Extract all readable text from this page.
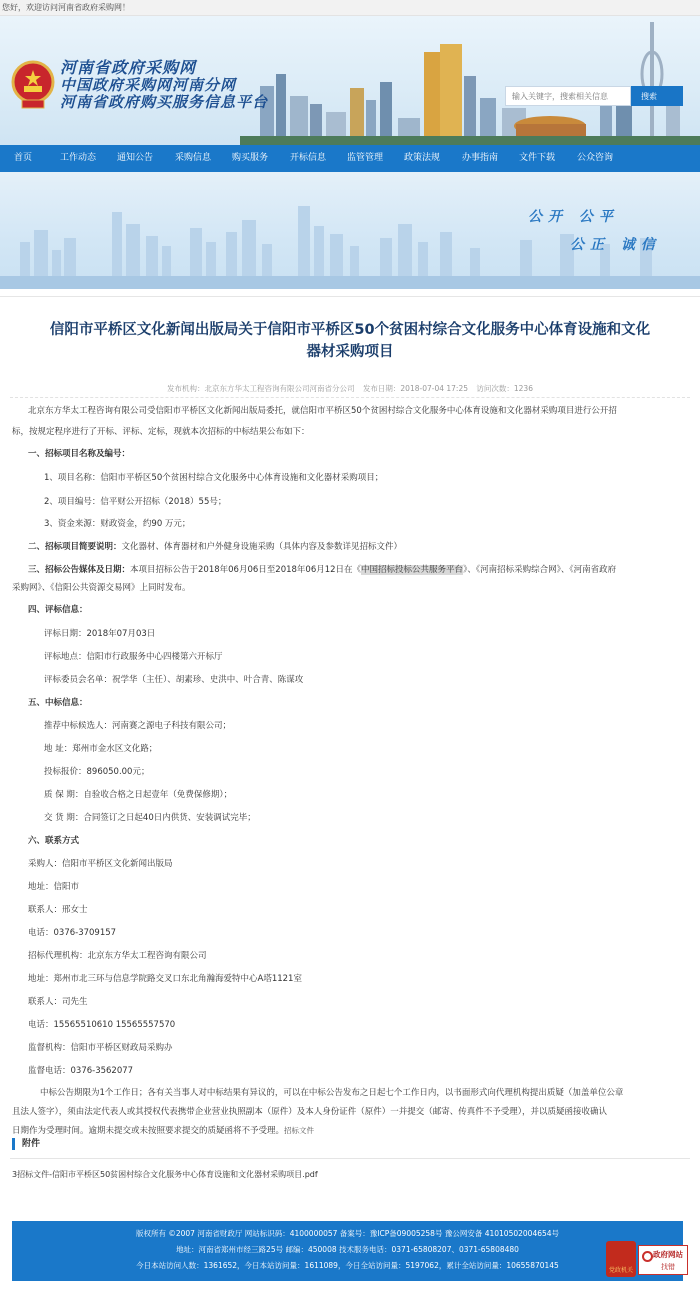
您好，欢迎访问河南省政府采购网！
河南省政府采购网
中国政府采购网河南分网
河南省政府购买服务信息平台
输入关键字，搜索相关信息	搜索
首页	工作动态 通知公告 采购信息 购买服务 开标信息 监管管理 政策法规 办事指南 文件下载 公众咨询
公开 公平
公正 诚信
信阳市平桥区文化新闻出版局关于信阳市平桥区50个贫困村综合文化服务中心体育设施和文化
器材采购项目
发布机构：北京东方华太工程咨询有限公司河南省分公司 发布日期：2018-07-04 17:25 访问次数：1236
北京东方华太工程咨询有限公司受信阳市平桥区文化新闻出版局委托，就信阳市平桥区50个贫困村综合文化服务中心体育设施和文化器材采购项目进行公开招
标，按规定程序进行了开标、评标、定标，现就本次招标的中标结果公布如下：
一、招标项目名称及编号：
1、项目名称：信阳市平桥区50个贫困村综合文化服务中心体育设施和文化器材采购项目；
2、项目编号：信平财公开招标（2018）55号；
3、资金来源：财政资金，约90 万元；
二、招标项目简要说明：文化器材、体育器材和户外健身设施采购（具体内容及参数详见招标文件）
三、招标公告媒体及日期：本项目招标公告于2018年06月06日至2018年06月12日在《中国招标投标公共服务平台》、《河南招标采购综合网》、《河南省政府
采购网》、《信阳公共资源交易网》上同时发布。
四、评标信息：
评标日期：2018年07月03日
评标地点：信阳市行政服务中心四楼第六开标厅
评标委员会名单：祝学华（主任）、胡素珍、史洪中、叶合青、陈谋攻
五、中标信息：
推荐中标候选人：河南赛之源电子科技有限公司；
地 址：郑州市金水区文化路；
投标报价：896050.00元；
质 保 期：自验收合格之日起壹年（免费保修期）；
交 货 期：合同签订之日起40日内供货、安装调试完毕；
六、联系方式
采购人：信阳市平桥区文化新闻出版局
地址：信阳市
联系人：邢女士
电话：0376-3709157
招标代理机构：北京东方华太工程咨询有限公司
地址：郑州市北三环与信息学院路交叉口东北角瀚海爱特中心A塔1121室
联系人：司先生
电话：15565510610 15565557570
监督机构：信阳市平桥区财政局采购办
监督电话：0376-3562077
中标公告期限为1个工作日；各有关当事人对中标结果有异议的，可以在中标公告发布之日起七个工作日内，以书面形式向代理机构提出质疑（加盖单位公章
且法人签字），须由法定代表人或其授权代表携带企业营业执照副本（原件）及本人身份证件（原件）一并提交（邮寄、传真件不予受理），并以质疑函接收确认
日期作为受理时间。逾期未提交或未按照要求提交的质疑函将不予受理。招标文件
附件
3招标文件-信阳市平桥区50贫困村综合文化服务中心体育设施和文化器材采购项目.pdf
版权所有 ©2007 河南省财政厅 网站标识码：4100000057 备案号：豫ICP备09005258号 豫公网安备 41010502004654号
地址：河南省郑州市经三路25号 邮编：450008 技术服务电话：0371-65808207、0371-65808480
今日本站访问人数：1361652，今日本站访问量：1611089，今日全站访问量：5197062，累计全站访问量：10655870145
党政机关
政府网站
找错
